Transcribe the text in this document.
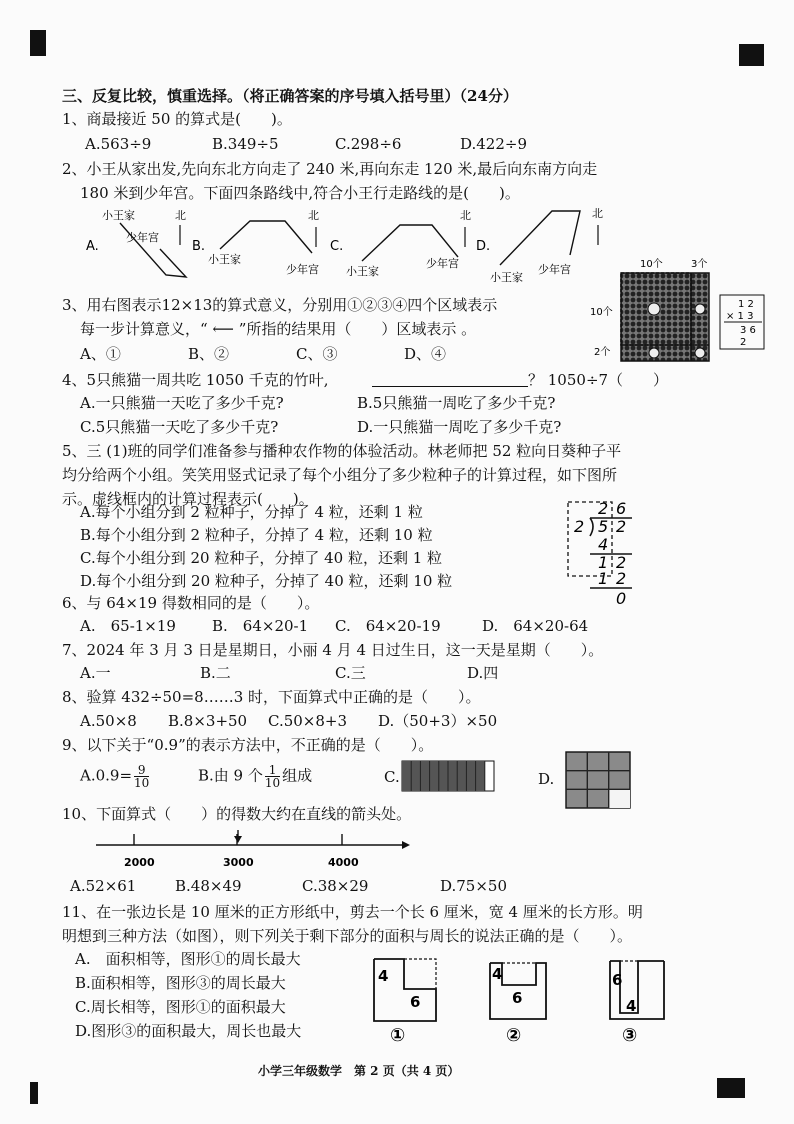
三、反复比较，慎重选择。（将正确答案的序号填入括号里）（24分）
1、商最接近 50 的算式是(　　)。
A.563÷9	B.349÷5	C.298÷6	D.422÷9
2、小王从家出发,先向东北方向走了 240 米,再向东走 120 米,最后向东南方向走
180 米到少年宫。下面四条路线中,符合小王行走路线的是(　　)。
A.
小王家
少年宫
北
B.
小王家
少年宫
北
C.
小王家
少年宫
北
D.
小王家
少年宫
北
3、用右图表示12×13的算式意义，分别用①②③④四个区域表示
每一步计算意义，“ ⟵ ”所指的结果用（　　）区域表示 。
A、①	B、②	C、③	D、④
10个	3个
10个
2个
1 2
× 1 3
3 6
2
4、5只熊猫一周共吃 1050 千克的竹叶,	？ 1050÷7（　　）
A.一只熊猫一天吃了多少千克?	B.5只熊猫一周吃了多少千克?
C.5只熊猫一天吃了多少千克?	D.一只熊猫一周吃了多少千克?
5、三 (1)班的同学们准备参与播种农作物的体验活动。林老师把 52 粒向日葵种子平
均分给两个小组。笑笑用竖式记录了每个小组分了多少粒种子的计算过程，如下图所
示。虚线框内的计算过程表示(　　)。
A.每个小组分到 2 粒种子，分掉了 4 粒，还剩 1 粒
B.每个小组分到 2 粒种子，分掉了 4 粒，还剩 10 粒
C.每个小组分到 20 粒种子，分掉了 40 粒，还剩 1 粒
D.每个小组分到 20 粒种子，分掉了 40 粒，还剩 10 粒
2 6
2 5 2
4
1 2
1 2
0
6、与 64×19 得数相同的是（　　）。
A.　65-1×19 B.　64×20-1 C.　64×20-19	D.　64×20-64
7、2024 年 3 月 3 日是星期日，小丽 4 月 4 日过生日，这一天是星期（　　）。
A.一	B.二	C.三	D.四
8、验算 432÷50=8……3 时，下面算式中正确的是（　　）。
A.50×8 B.8×3+50 C.50×8+3 D.（50+3）×50
9、以下关于“0.9”的表示方法中，不正确的是（　　）。
$A.0.9= \frac{9}{10}$	B.由 9 个 $\frac{1}{10}$ 组成	C.	D.
10、下面算式（　　）的得数大约在直线的箭头处。
2000	3000	4000
A.52×61	B.48×49	C.38×29	D.75×50
11、在一张边长是 10 厘米的正方形纸中，剪去一个长 6 厘米，宽 4 厘米的长方形。明
明想到三种方法（如图），则下列关于剩下部分的面积与周长的说法正确的是（　　）。
A.　面积相等，图形①的周长最大
B.面积相等，图形③的周长最大
C.周长相等，图形①的面积最大
D.图形③的面积最大，周长也最大
4
6
①
4
6
②
6
4
③
小学三年级数学　第 2 页（共 4 页）
